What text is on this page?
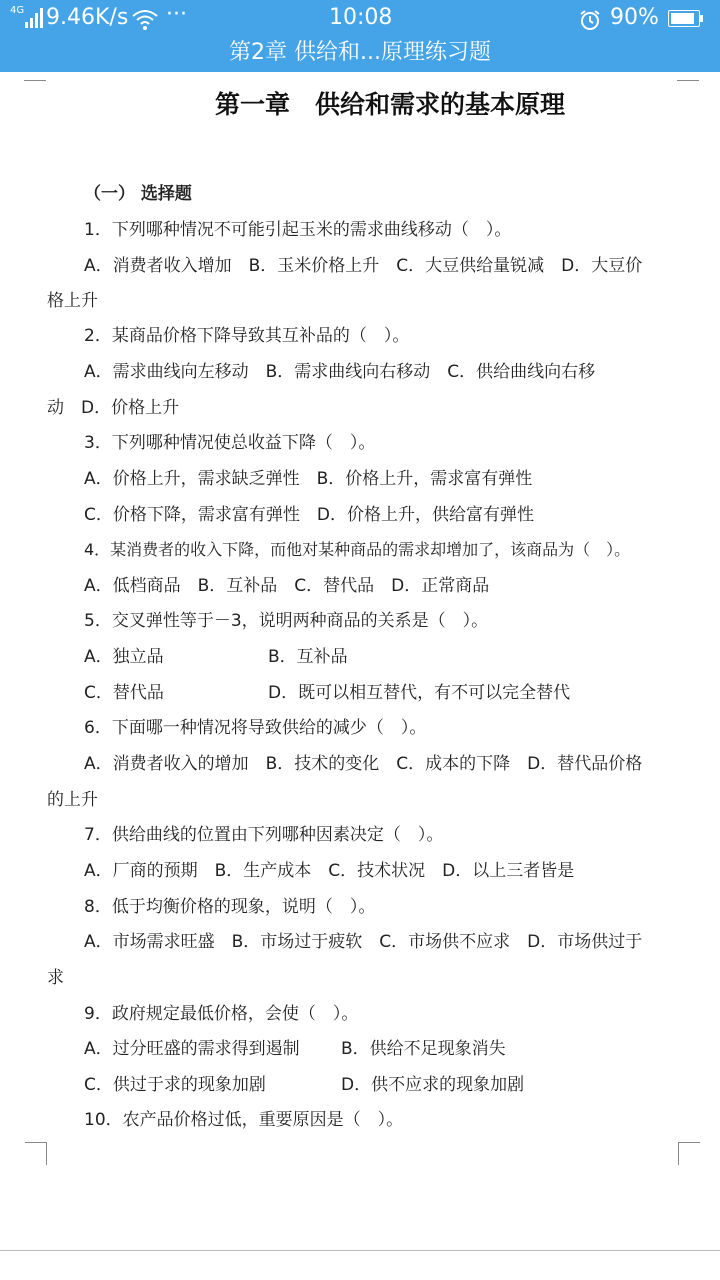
4G 9.46K/s ···	10:08	90%
第2章 供给和...原理练习题
第一章　供给和需求的基本原理
（一） 选择题
1．下列哪种情况不可能引起玉米的需求曲线移动（　）。
A．消费者收入增加　B．玉米价格上升　C．大豆供给量锐减　D．大豆价
格上升
2．某商品价格下降导致其互补品的（　）。
A．需求曲线向左移动　B．需求曲线向右移动　C．供给曲线向右移
动　D．价格上升
3．下列哪种情况使总收益下降（　）。
A．价格上升，需求缺乏弹性　B．价格上升，需求富有弹性
C．价格下降，需求富有弹性　D．价格上升，供给富有弹性
4．某消费者的收入下降，而他对某种商品的需求却增加了，该商品为（　）。
A．低档商品　B．互补品　C．替代品　D．正常商品
5．交叉弹性等于－3，说明两种商品的关系是（　）。
A．独立品	B．互补品
C．替代品	D．既可以相互替代，有不可以完全替代
6．下面哪一种情况将导致供给的减少（　）。
A．消费者收入的增加　B．技术的变化　C．成本的下降　D．替代品价格
的上升
7．供给曲线的位置由下列哪种因素决定（　）。
A．厂商的预期　B．生产成本　C．技术状况　D．以上三者皆是
8．低于均衡价格的现象，说明（　）。
A．市场需求旺盛　B．市场过于疲软　C．市场供不应求　D．市场供过于
求
9．政府规定最低价格，会使（　）。
A．过分旺盛的需求得到遏制 B．供给不足现象消失
C．供过于求的现象加剧	D．供不应求的现象加剧
10．农产品价格过低，重要原因是（　）。
